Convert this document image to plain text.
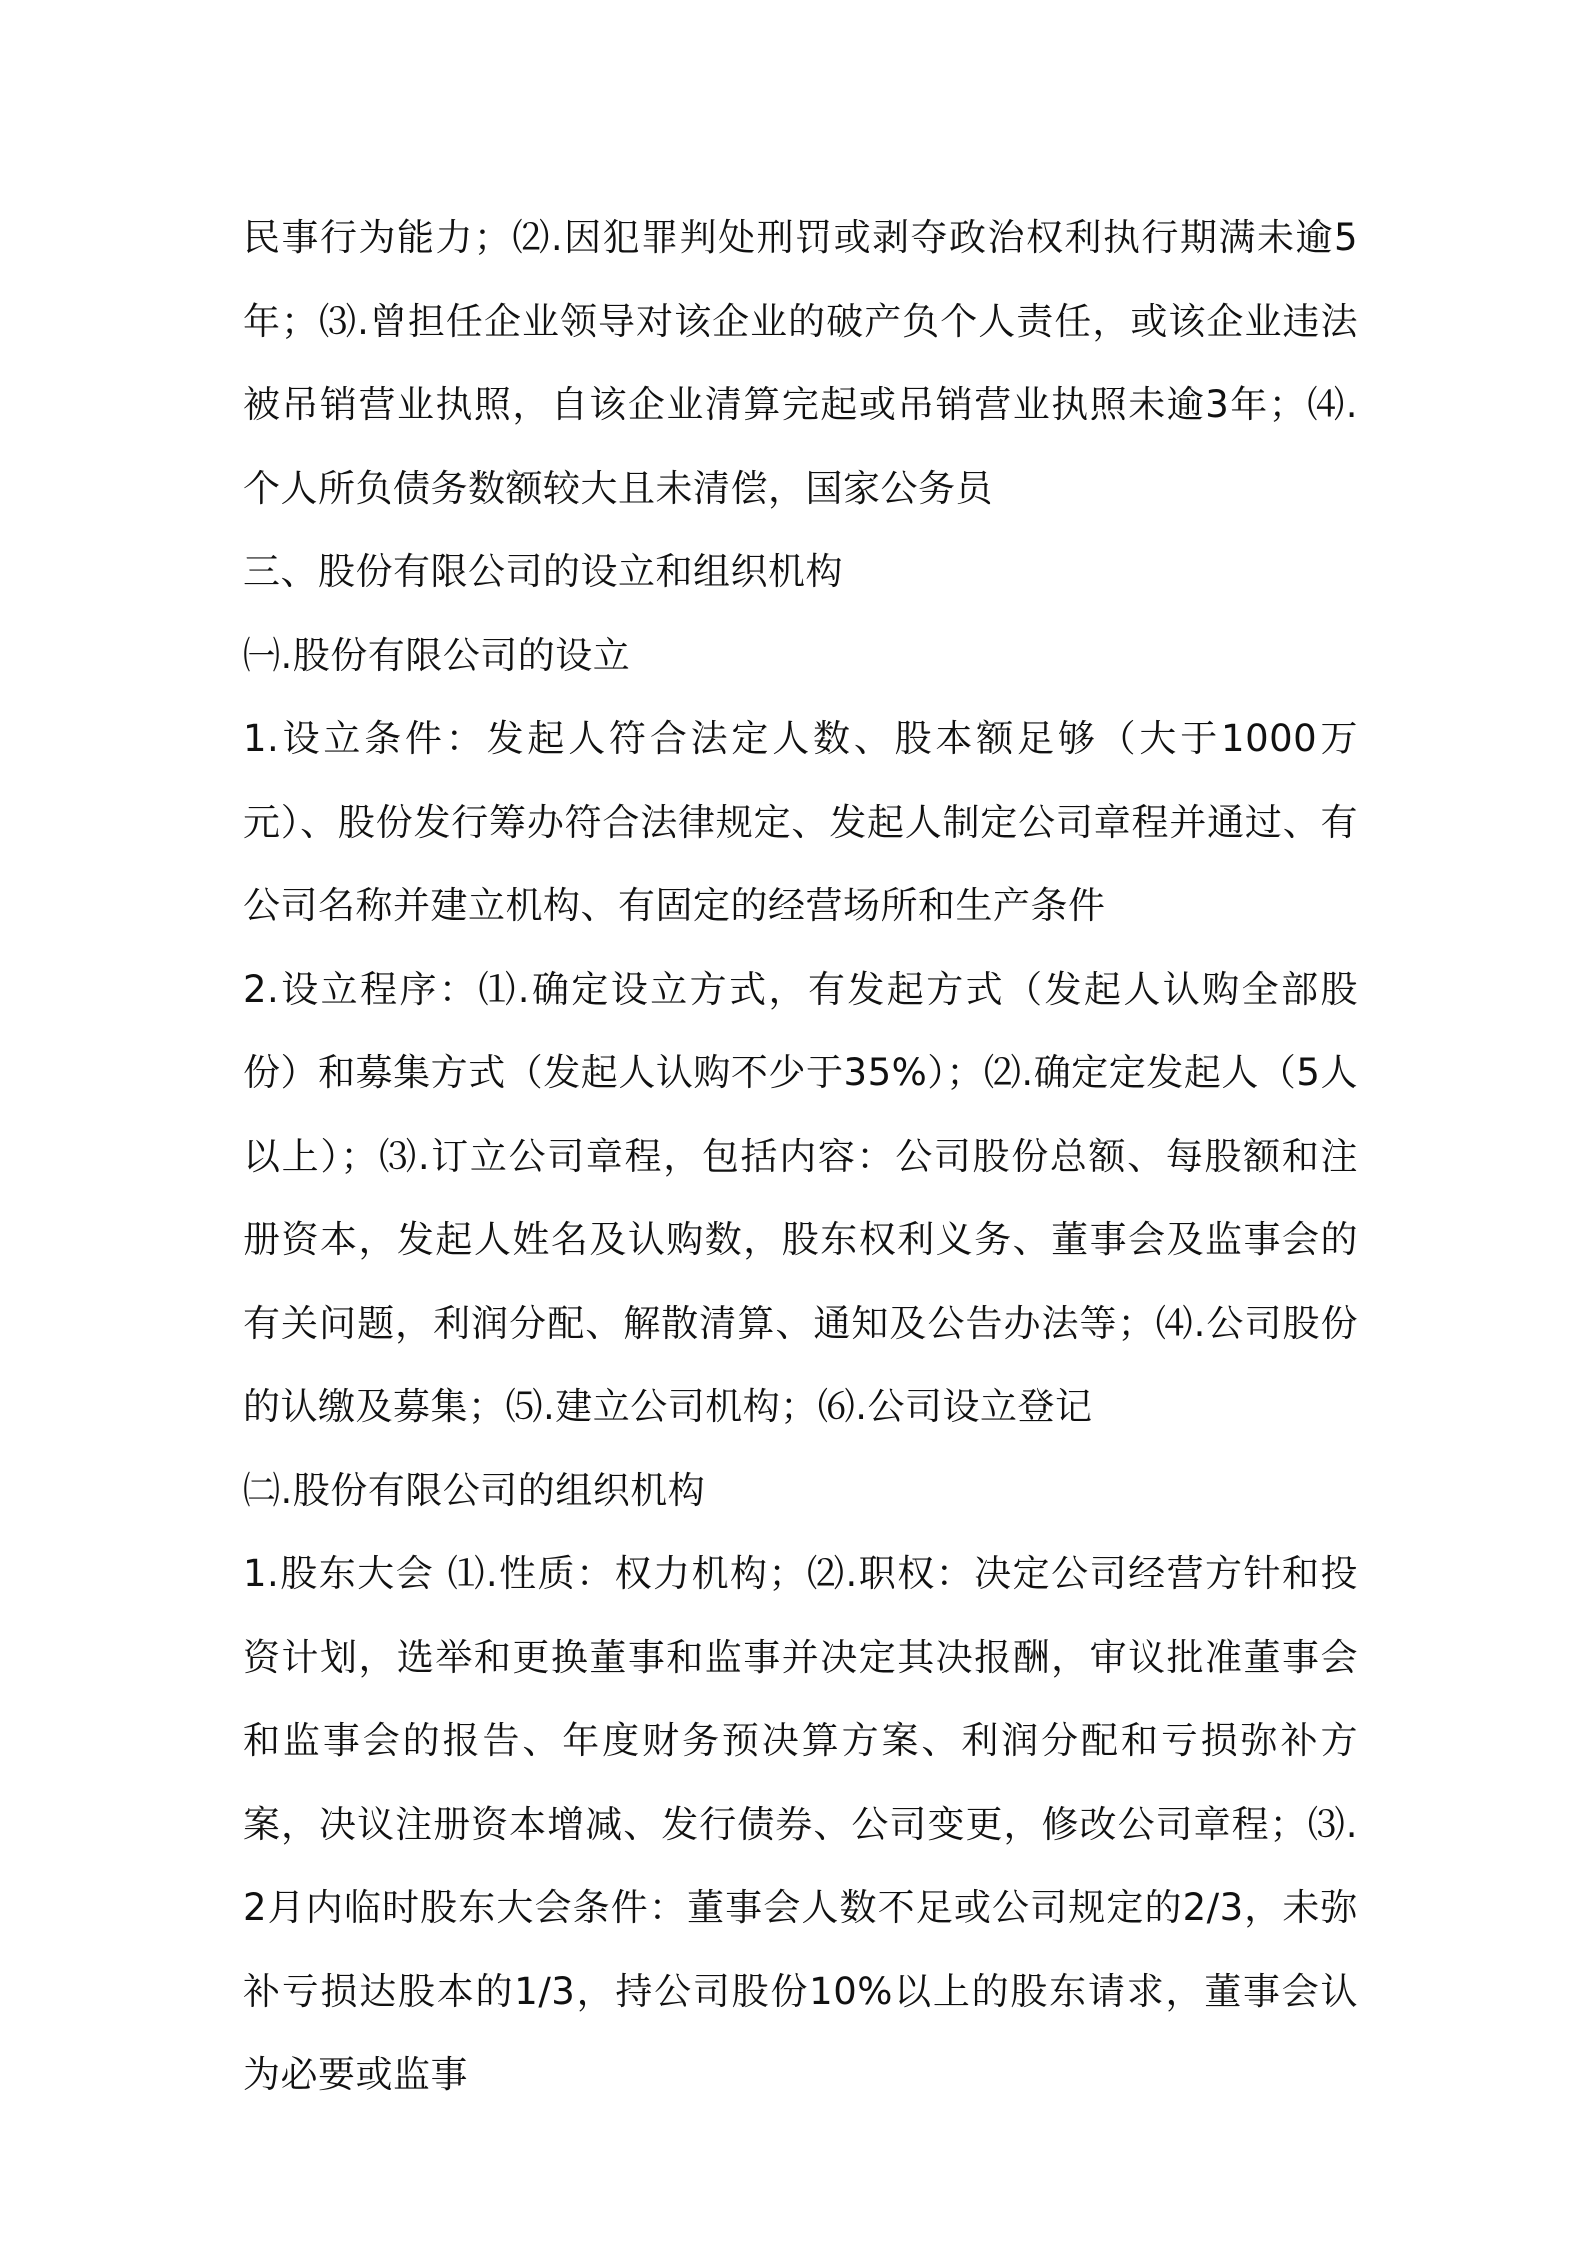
民事行为能力；⑵.因犯罪判处刑罚或剥夺政治权利执行期满未逾5年；⑶.曾担任企业领导对该企业的破产负个人责任，或该企业违法被吊销营业执照，自该企业清算完起或吊销营业执照未逾3年；⑷.个人所负债务数额较大且未清偿，国家公务员

三、股份有限公司的设立和组织机构

㈠.股份有限公司的设立

1.设立条件：发起人符合法定人数、股本额足够（大于1000万元）、股份发行筹办符合法律规定、发起人制定公司章程并通过、有公司名称并建立机构、有固定的经营场所和生产条件

2.设立程序：⑴.确定设立方式，有发起方式（发起人认购全部股份）和募集方式（发起人认购不少于35%）；⑵.确定定发起人（5人以上）；⑶.订立公司章程，包括内容：公司股份总额、每股额和注册资本，发起人姓名及认购数，股东权利义务、董事会及监事会的有关问题，利润分配、解散清算、通知及公告办法等；⑷.公司股份的认缴及募集；⑸.建立公司机构；⑹.公司设立登记

㈡.股份有限公司的组织机构

1.股东大会 ⑴.性质：权力机构；⑵.职权：决定公司经营方针和投资计划，选举和更换董事和监事并决定其决报酬，审议批准董事会和监事会的报告、年度财务预决算方案、利润分配和亏损弥补方案，决议注册资本增减、发行债券、公司变更，修改公司章程；⑶.2月内临时股东大会条件：董事会人数不足或公司规定的2/3，未弥补亏损达股本的1/3，持公司股份10%以上的股东请求，董事会认为必要或监事
